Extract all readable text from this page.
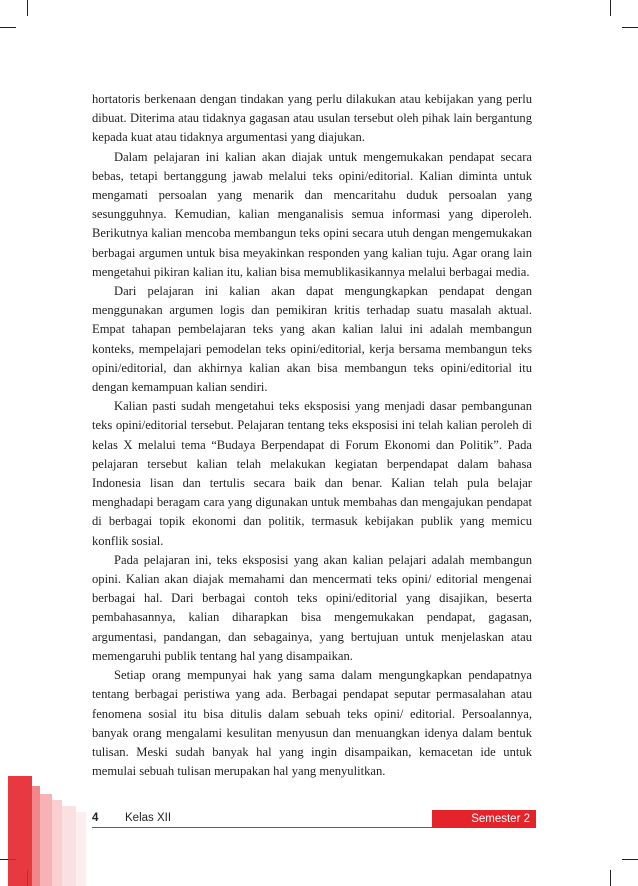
hortatoris berkenaan dengan tindakan yang perlu dilakukan atau kebijakan yang perlu dibuat. Diterima atau tidaknya gagasan atau usulan tersebut oleh pihak lain bergantung kepada kuat atau tidaknya argumentasi yang diajukan.

Dalam pelajaran ini kalian akan diajak untuk mengemukakan pendapat secara bebas, tetapi bertanggung jawab melalui teks opini/editorial. Kalian diminta untuk mengamati persoalan yang menarik dan mencaritahu duduk persoalan yang sesungguhnya. Kemudian, kalian menganalisis semua informasi yang diperoleh. Berikutnya kalian mencoba membangun teks opini secara utuh dengan mengemukakan berbagai argumen untuk bisa meyakinkan responden yang kalian tuju. Agar orang lain mengetahui pikiran kalian itu, kalian bisa memublikasikannya melalui berbagai media.

Dari pelajaran ini kalian akan dapat mengungkapkan pendapat dengan menggunakan argumen logis dan pemikiran kritis terhadap suatu masalah aktual. Empat tahapan pembelajaran teks yang akan kalian lalui ini adalah membangun konteks, mempelajari pemodelan teks opini/editorial, kerja bersama membangun teks opini/editorial, dan akhirnya kalian akan bisa membangun teks opini/editorial itu dengan kemampuan kalian sendiri.

Kalian pasti sudah mengetahui teks eksposisi yang menjadi dasar pembangunan teks opini/editorial tersebut. Pelajaran tentang teks eksposisi ini telah kalian peroleh di kelas X melalui tema “Budaya Berpendapat di Forum Ekonomi dan Politik”. Pada pelajaran tersebut kalian telah melakukan kegiatan berpendapat dalam bahasa Indonesia lisan dan tertulis secara baik dan benar. Kalian telah pula belajar menghadapi beragam cara yang digunakan untuk membahas dan mengajukan pendapat di berbagai topik ekonomi dan politik, termasuk kebijakan publik yang memicu konflik sosial.

Pada pelajaran ini, teks eksposisi yang akan kalian pelajari adalah membangun opini. Kalian akan diajak memahami dan mencermati teks opini/ editorial mengenai berbagai hal. Dari berbagai contoh teks opini/editorial yang disajikan, beserta pembahasannya, kalian diharapkan bisa mengemukakan pendapat, gagasan, argumentasi, pandangan, dan sebagainya, yang bertujuan untuk menjelaskan atau memengaruhi publik tentang hal yang disampaikan.

Setiap orang mempunyai hak yang sama dalam mengungkapkan pendapatnya tentang berbagai peristiwa yang ada. Berbagai pendapat seputar permasalahan atau fenomena sosial itu bisa ditulis dalam sebuah teks opini/ editorial. Persoalannya, banyak orang mengalami kesulitan menyusun dan menuangkan idenya dalam bentuk tulisan. Meski sudah banyak hal yang ingin disampaikan, kemacetan ide untuk memulai sebuah tulisan merupakan hal yang menyulitkan.

4 Kelas XII	Semester 2
